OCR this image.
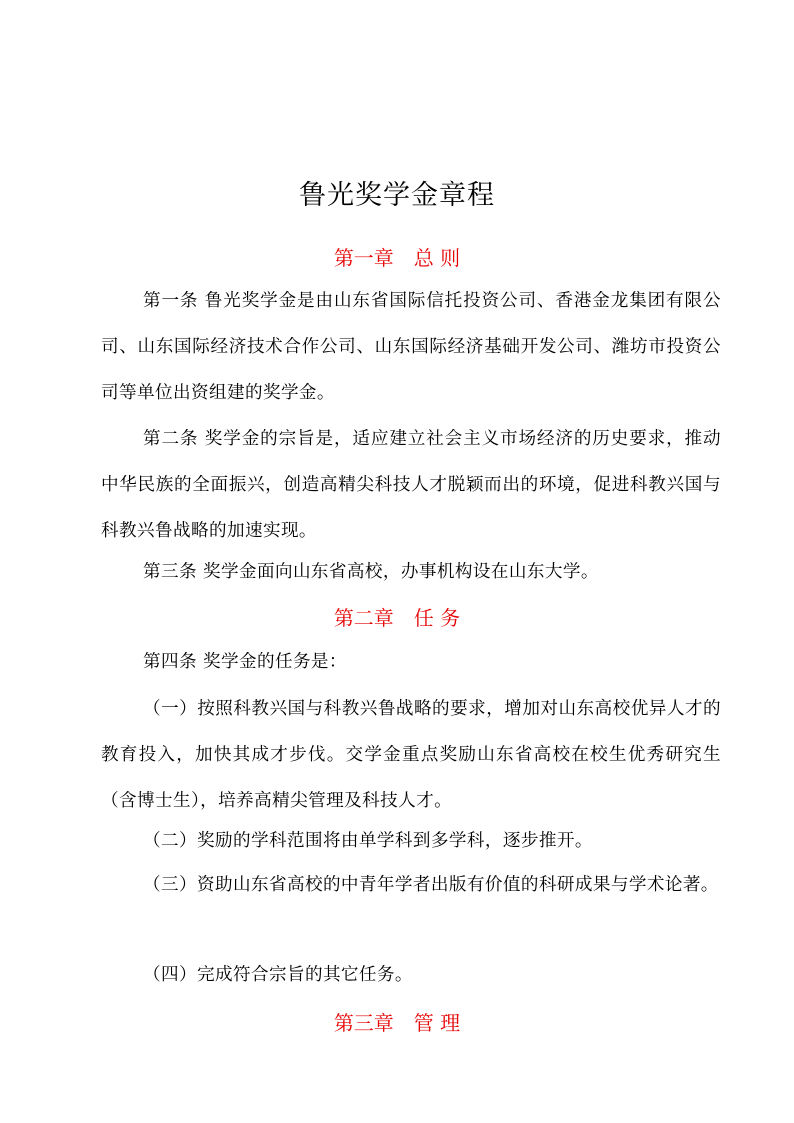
鲁光奖学金章程
第一章　总 则
第一条 鲁光奖学金是由山东省国际信托投资公司、香港金龙集团有限公司、山东国际经济技术合作公司、山东国际经济基础开发公司、潍坊市投资公司等单位出资组建的奖学金。
第二条 奖学金的宗旨是，适应建立社会主义市场经济的历史要求，推动中华民族的全面振兴，创造高精尖科技人才脱颖而出的环境，促进科教兴国与科教兴鲁战略的加速实现。
第三条 奖学金面向山东省高校，办事机构设在山东大学。
第二章　任 务
第四条 奖学金的任务是：
（一）按照科教兴国与科教兴鲁战略的要求，增加对山东高校优异人才的教育投入，加快其成才步伐。交学金重点奖励山东省高校在校生优秀研究生（含博士生），培养高精尖管理及科技人才。
（二）奖励的学科范围将由单学科到多学科，逐步推开。
（三）资助山东省高校的中青年学者出版有价值的科研成果与学术论著。
（四）完成符合宗旨的其它任务。
第三章　管 理
